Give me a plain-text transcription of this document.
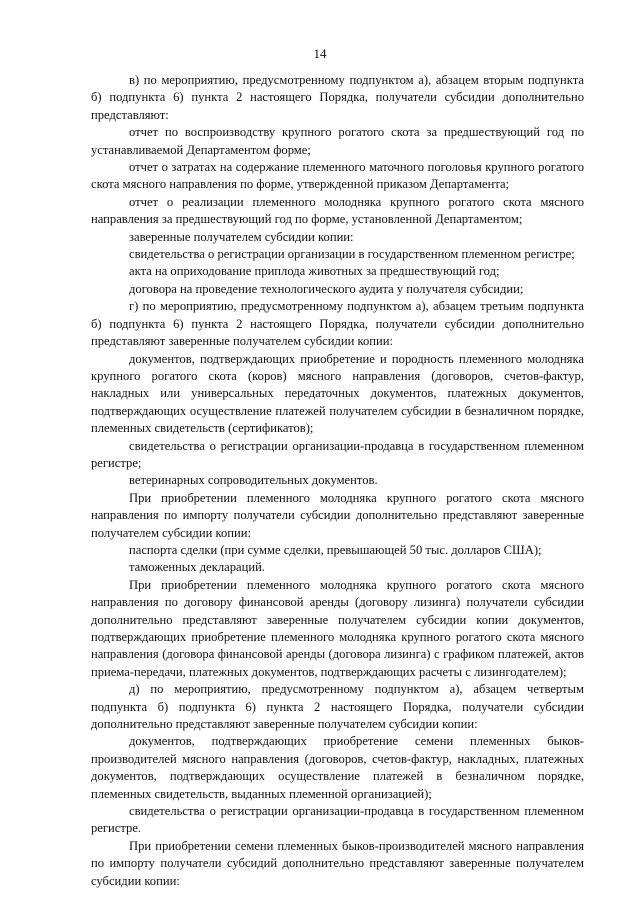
14

в) по мероприятию, предусмотренному подпунктом а), абзацем вторым подпункта б) подпункта 6) пункта 2 настоящего Порядка, получатели субсидии дополнительно представляют:

отчет по воспроизводству крупного рогатого скота за предшествующий год по устанавливаемой Департаментом форме;

отчет о затратах на содержание племенного маточного поголовья крупного рогатого скота мясного направления по форме, утвержденной приказом Департамента;

отчет о реализации племенного молодняка крупного рогатого скота мясного направления за предшествующий год по форме, установленной Департаментом;

заверенные получателем субсидии копии:

свидетельства о регистрации организации в государственном племенном регистре;

акта на оприходование приплода животных за предшествующий год;

договора на проведение технологического аудита у получателя субсидии;

г) по мероприятию, предусмотренному подпунктом а), абзацем третьим подпункта б) подпункта 6) пункта 2 настоящего Порядка, получатели субсидии дополнительно представляют заверенные получателем субсидии копии:

документов, подтверждающих приобретение и породность племенного молодняка крупного рогатого скота (коров) мясного направления (договоров, счетов-фактур, накладных или универсальных передаточных документов, платежных документов, подтверждающих осуществление платежей получателем субсидии в безналичном порядке, племенных свидетельств (сертификатов);

свидетельства о регистрации организации-продавца в государственном племенном регистре;

ветеринарных сопроводительных документов.

При приобретении племенного молодняка крупного рогатого скота мясного направления по импорту получатели субсидии дополнительно представляют заверенные получателем субсидии копии:

паспорта сделки (при сумме сделки, превышающей 50 тыс. долларов США);

таможенных деклараций.

При приобретении племенного молодняка крупного рогатого скота мясного направления по договору финансовой аренды (договору лизинга) получатели субсидии дополнительно представляют заверенные получателем субсидии копии документов, подтверждающих приобретение племенного молодняка крупного рогатого скота мясного направления (договора финансовой аренды (договора лизинга) с графиком платежей, актов приема-передачи, платежных документов, подтверждающих расчеты с лизингодателем);

д) по мероприятию, предусмотренному подпунктом а), абзацем четвертым подпункта б) подпункта 6) пункта 2 настоящего Порядка, получатели субсидии дополнительно представляют заверенные получателем субсидии копии:

документов, подтверждающих приобретение семени племенных быков-производителей мясного направления (договоров, счетов-фактур, накладных, платежных документов, подтверждающих осуществление платежей в безналичном порядке, племенных свидетельств, выданных племенной организацией);

свидетельства о регистрации организации-продавца в государственном племенном регистре.

При приобретении семени племенных быков-производителей мясного направления по импорту получатели субсидий дополнительно представляют заверенные получателем субсидии копии:
